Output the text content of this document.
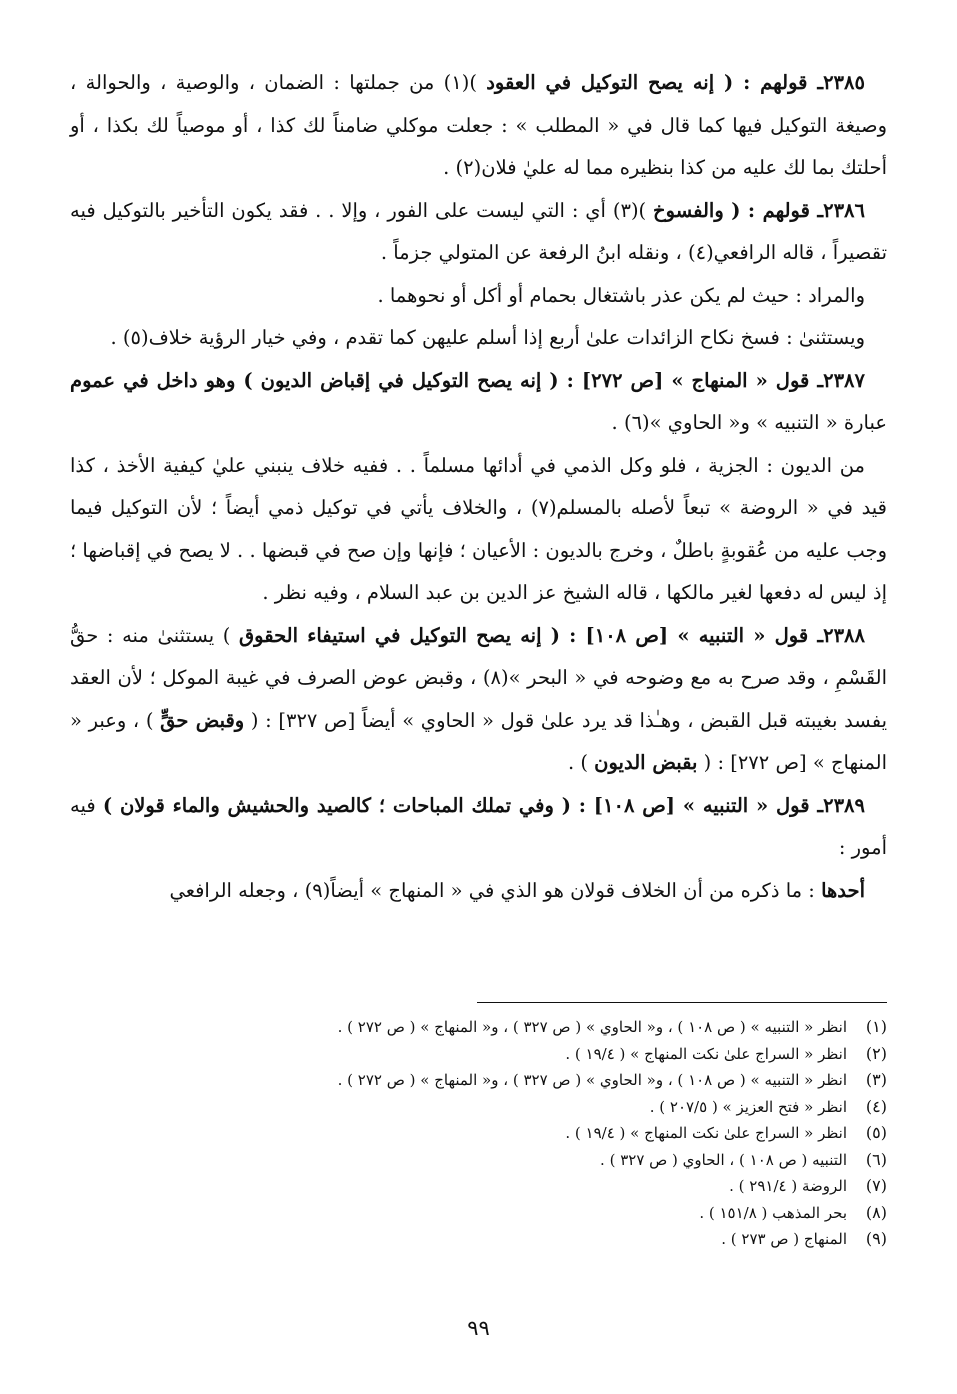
٢٣٨٥ـ قولهم : ( إنه يصح التوكيل في العقود )(١) من جملتها : الضمان ، والوصية ، والحوالة ، وصيغة التوكيل فيها كما قال في « المطلب » : جعلت موكلي ضامناً لك كذا ، أو موصياً لك بكذا ، أو أحلتك بما لك عليه من كذا بنظيره مما له عليٰ فلان(٢) .

٢٣٨٦ـ قولهم : ( والفسوخ )(٣) أي : التي ليست على الفور ، وإلا . . فقد يكون التأخير بالتوكيل فيه تقصيراً ، قاله الرافعي(٤) ، ونقله ابنُ الرفعة عن المتولي جزماً .

والمراد : حيث لم يكن عذر باشتغال بحمام أو أكل أو نحوهما .

ويستثنىٰ : فسخ نكاح الزائدات علىٰ أربع إذا أسلم عليهن كما تقدم ، وفي خيار الرؤية خلاف(٥) .

٢٣٨٧ـ قول « المنهاج » [ص ٢٧٢] : ( إنه يصح التوكيل في إقباض الديون ) وهو داخل في عموم عبارة « التنبيه » و« الحاوي »(٦) .

من الديون : الجزية ، فلو وكل الذمي في أدائها مسلماً . . ففيه خلاف ينبني عليٰ كيفية الأخذ ، كذا قيد في « الروضة » تبعاً لأصله بالمسلم(٧) ، والخلاف يأتي في توكيل ذمي أيضاً ؛ لأن التوكيل فيما وجب عليه من عُقوبةٍ باطلٌ ، وخرج بالديون : الأعيان ؛ فإنها وإن صح في قبضها . . لا يصح في إقباضها ؛ إذ ليس له دفعها لغير مالكها ، قاله الشيخ عز الدين بن عبد السلام ، وفيه نظر .

٢٣٨٨ـ قول « التنبيه » [ص ١٠٨] : ( إنه يصح التوكيل في استيفاء الحقوق ) يستثنىٰ منه : حقُّ القَسْمِ ، وقد صرح به مع وضوحه في « البحر »(٨) ، وقبض عوض الصرف في غيبة الموكل ؛ لأن العقد يفسد بغيبته قبل القبض ، وهـٰذا قد يرد علىٰ قول « الحاوي » أيضاً [ص ٣٢٧] : ( وقبض حقٍّ ) ، وعبر « المنهاج » [ص ٢٧٢] : ( بقبض الديون ) .

٢٣٨٩ـ قول « التنبيه » [ص ١٠٨] : ( وفي تملك المباحات ؛ كالصيد والحشيش والماء قولان ) فيه أمور :

أحدها : ما ذكره من أن الخلاف قولان هو الذي في « المنهاج » أيضاً(٩) ، وجعله الرافعي

(١)
انظر « التنبيه » ( ص ١٠٨ ) ، و« الحاوي » ( ص ٣٢٧ ) ، و« المنهاج » ( ص ٢٧٢ ) .
(٢)
انظر « السراج علىٰ نكت المنهاج » ( ١٩/٤ ) .
(٣)
انظر « التنبيه » ( ص ١٠٨ ) ، و« الحاوي » ( ص ٣٢٧ ) ، و« المنهاج » ( ص ٢٧٢ ) .
(٤)
انظر « فتح العزيز » ( ٢٠٧/٥ ) .
(٥)
انظر « السراج علىٰ نكت المنهاج » ( ١٩/٤ ) .
(٦)
التنبيه ( ص ١٠٨ ) ، الحاوي ( ص ٣٢٧ ) .
(٧)
الروضة ( ٢٩١/٤ ) .
(٨)
بحر المذهب ( ١٥١/٨ ) .
(٩)
المنهاج ( ص ٢٧٣ ) .
٩٩
